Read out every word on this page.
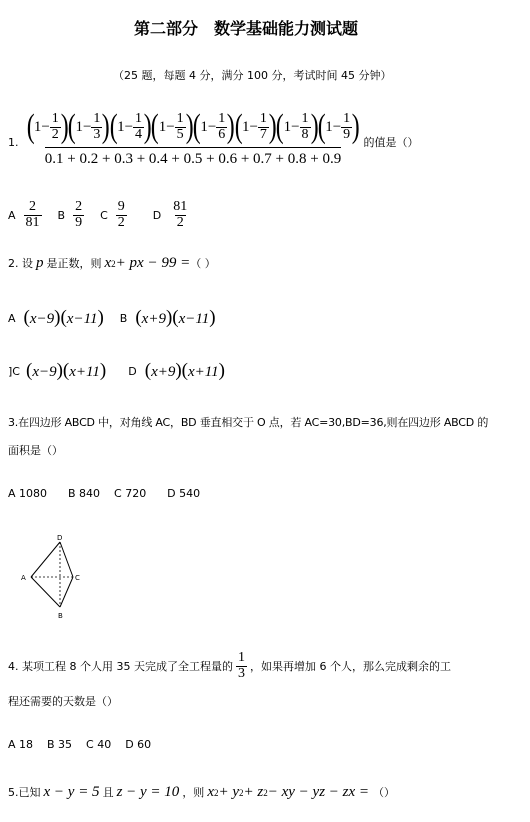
第二部分　数学基础能力测试题
（25 题，每题 4 分，满分 100 分，考试时间 45 分钟）
1. $\frac{( 1- \frac{1}{2} ) ( 1- \frac{1}{3} ) ( 1- \frac{1}{4} ) ( 1- \frac{1}{5} ) ( 1- \frac{1}{6} ) ( 1- \frac{1}{7} ) ( 1- \frac{1}{8} ) ( 1- \frac{1}{9} )}{0.1 + 0.2 + 0.3 + 0.4 + 0.5 + 0.6 + 0.7 + 0.8 + 0.9}$ 的值是（）
A $\frac{2}{81}$ B $\frac{2}{9}$ C $\frac{9}{2}$ D $\frac{81}{2}$
2. 设 p 是正数，则 x 2 + px − 99 = （ ）
A (x−9)(x−11) B (x+9)(x−11)
]C (x−9)(x+11) D (x+9)(x+11)
3.在四边形 ABCD 中，对角线 AC，BD 垂直相交于 O 点，若 AC=30,BD=36,则在四边形 ABCD 的
面积是（）
A 1080      B 840    C 720      D 540
D
A	C
B
4. 某项工程 8 个人用 35 天完成了全工程量的 $\frac{1}{3}$ ，如果再增加 6 个人，那么完成剩余的工
程还需要的天数是（）
A 18    B 35    C 40    D 60
5.已知 x − y = 5 且 z − y = 10 ，则 x 2 + y 2 + z 2 − xy − yz − zx = （）
